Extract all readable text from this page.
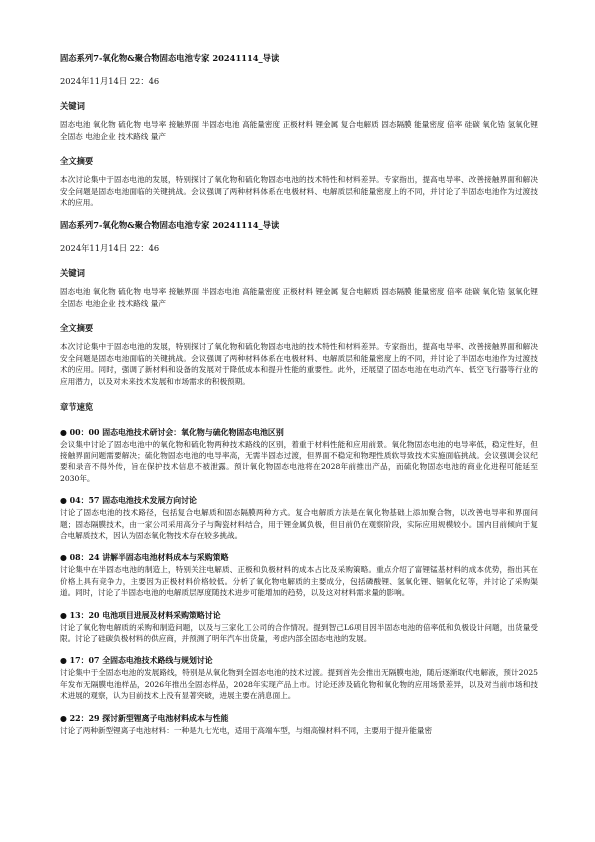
固态系列7-氧化物&聚合物固态电池专家 20241114_导读
2024年11月14日 22：46
关键词
固态电池 氧化物 硫化物 电导率 接触界面 半固态电池 高能量密度 正极材料 锂金属 复合电解质 固态隔膜 能量密度 倍率 硅碳 氧化锆 氢氧化锂 全固态 电池企业 技术路线 量产
全文摘要
本次讨论集中于固态电池的发展，特别探讨了氧化物和硫化物固态电池的技术特性和材料差异。专家指出，提高电导率、改善接触界面和解决安全问题是固态电池面临的关键挑战。会议强调了两种材料体系在电极材料、电解质层和能量密度上的不同，并讨论了半固态电池作为过渡技术的应用。
固态系列7-氧化物&聚合物固态电池专家 20241114_导读
2024年11月14日 22：46
关键词
固态电池 氧化物 硫化物 电导率 接触界面 半固态电池 高能量密度 正极材料 锂金属 复合电解质 固态隔膜 能量密度 倍率 硅碳 氧化锆 氢氧化锂 全固态 电池企业 技术路线 量产
全文摘要
本次讨论集中于固态电池的发展，特别探讨了氧化物和硫化物固态电池的技术特性和材料差异。专家指出，提高电导率、改善接触界面和解决安全问题是固态电池面临的关键挑战。会议强调了两种材料体系在电极材料、电解质层和能量密度上的不同，并讨论了半固态电池作为过渡技术的应用。同时，强调了新材料和设备的发展对于降低成本和提升性能的重要性。此外，还展望了固态电池在电动汽车、低空飞行器等行业的应用潜力，以及对未来技术发展和市场需求的积极预期。
章节速览
● 00：00 固态电池技术研讨会：氧化物与硫化物固态电池区别
会议集中讨论了固态电池中的氧化物和硫化物两种技术路线的区别，着重于材料性能和应用前景。氧化物固态电池的电导率低，稳定性好，但接触界面问题需要解决；硫化物固态电池的电导率高，无需半固态过渡，但界面不稳定和物理性质软导致技术实施面临挑战。会议强调会议纪要和录音不得外传，旨在保护技术信息不被泄露。预计氧化物固态电池将在2028年前推出产品，而硫化物固态电池的商业化进程可能延至2030年。
● 04：57 固态电池技术发展方向讨论
讨论了固态电池的技术路径，包括复合电解质和固态隔膜两种方式。复合电解质方法是在氧化物基础上添加聚合物，以改善电导率和界面问题；固态隔膜技术，由一家公司采用高分子与陶瓷材料结合，用于锂金属负极，但目前仍在观察阶段，实际应用规模较小。国内目前倾向于复合电解质技术，因认为固态氧化物技术存在较多挑战。
● 08：24 讲解半固态电池材料成本与采购策略
讨论集中在半固态电池的制造上，特别关注电解质、正极和负极材料的成本占比及采购策略。重点介绍了富锂锰基材料的成本优势，指出其在价格上具有竞争力，主要因为正极材料价格较低。分析了氧化物电解质的主要成分，包括磷酸锂、氢氧化锂、锢氧化钇等，并讨论了采购渠道。同时，讨论了半固态电池的电解质层厚度随技术进步可能增加的趋势，以及这对材料需求量的影响。
● 13：20 电池项目进展及材料采购策略讨论
讨论了氧化物电解质的采购和制造问题，以及与三家化工公司的合作情况。提到智己L6项目因半固态电池的倍率低和负极设计问题，出货量受限。讨论了硅碳负极材料的供应商，并预测了明年汽车出货量，考虑内部全固态电池的发展。
● 17：07 全固态电池技术路线与规划讨论
讨论集中于全固态电池的发展路线，特别是从氧化物到全固态电池的技术过渡。提到首先会推出无隔膜电池，随后逐渐取代电解液，预计2025年发布无隔膜电池样品，2026年推出全固态样品，2028年实现产品上市。讨论还涉及硫化物和氧化物的应用场景差异，以及对当前市场和技术进展的观察，认为目前技术上没有显著突破，进展主要在消息面上。
● 22：29 探讨新型锂离子电池材料成本与性能
讨论了两种新型锂离子电池材料：一种是九七光电，适用于高端车型，与细高镍材料不同，主要用于提升能量密
